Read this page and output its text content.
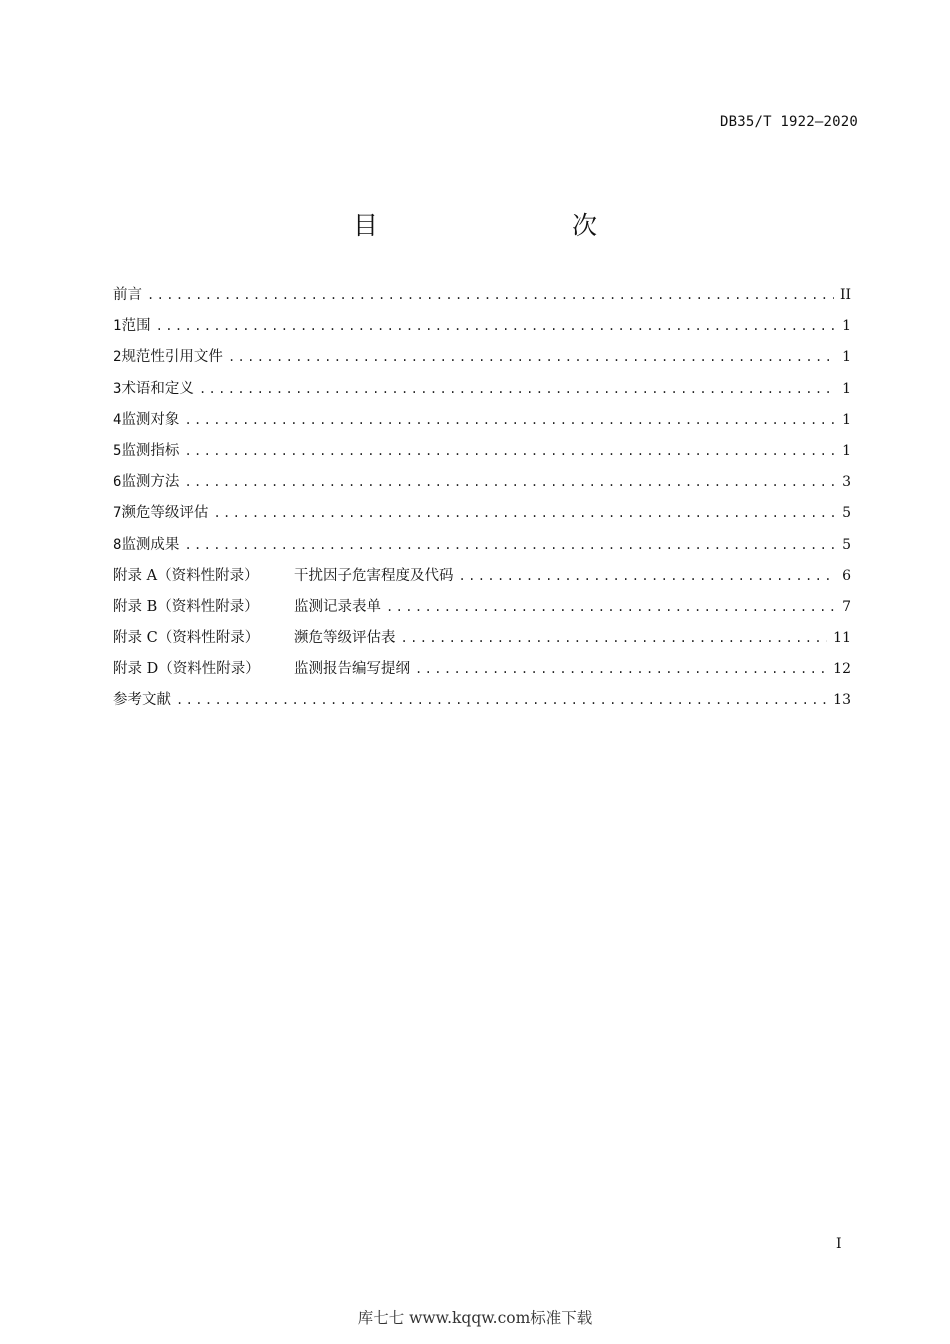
DB35/T 1922—2020
目　　次
前言 .....	II
1 范围 .....	1
2 规范性引用文件 .....	1
3 术语和定义 .....	1
4 监测对象 .....	1
5 监测指标 .....	1
6 监测方法 .....	3
7 濒危等级评估 .....	5
8 监测成果 .....	5
附录 A（资料性附录）	干扰因子危害程度及代码 .....	6
附录 B（资料性附录）	监测记录表单 .....	7
附录 C（资料性附录）	濒危等级评估表 .....	11
附录 D（资料性附录）	监测报告编写提纲 .....	12
参考文献 .....	13
I
库七七 www.kqqw.com标准下载
